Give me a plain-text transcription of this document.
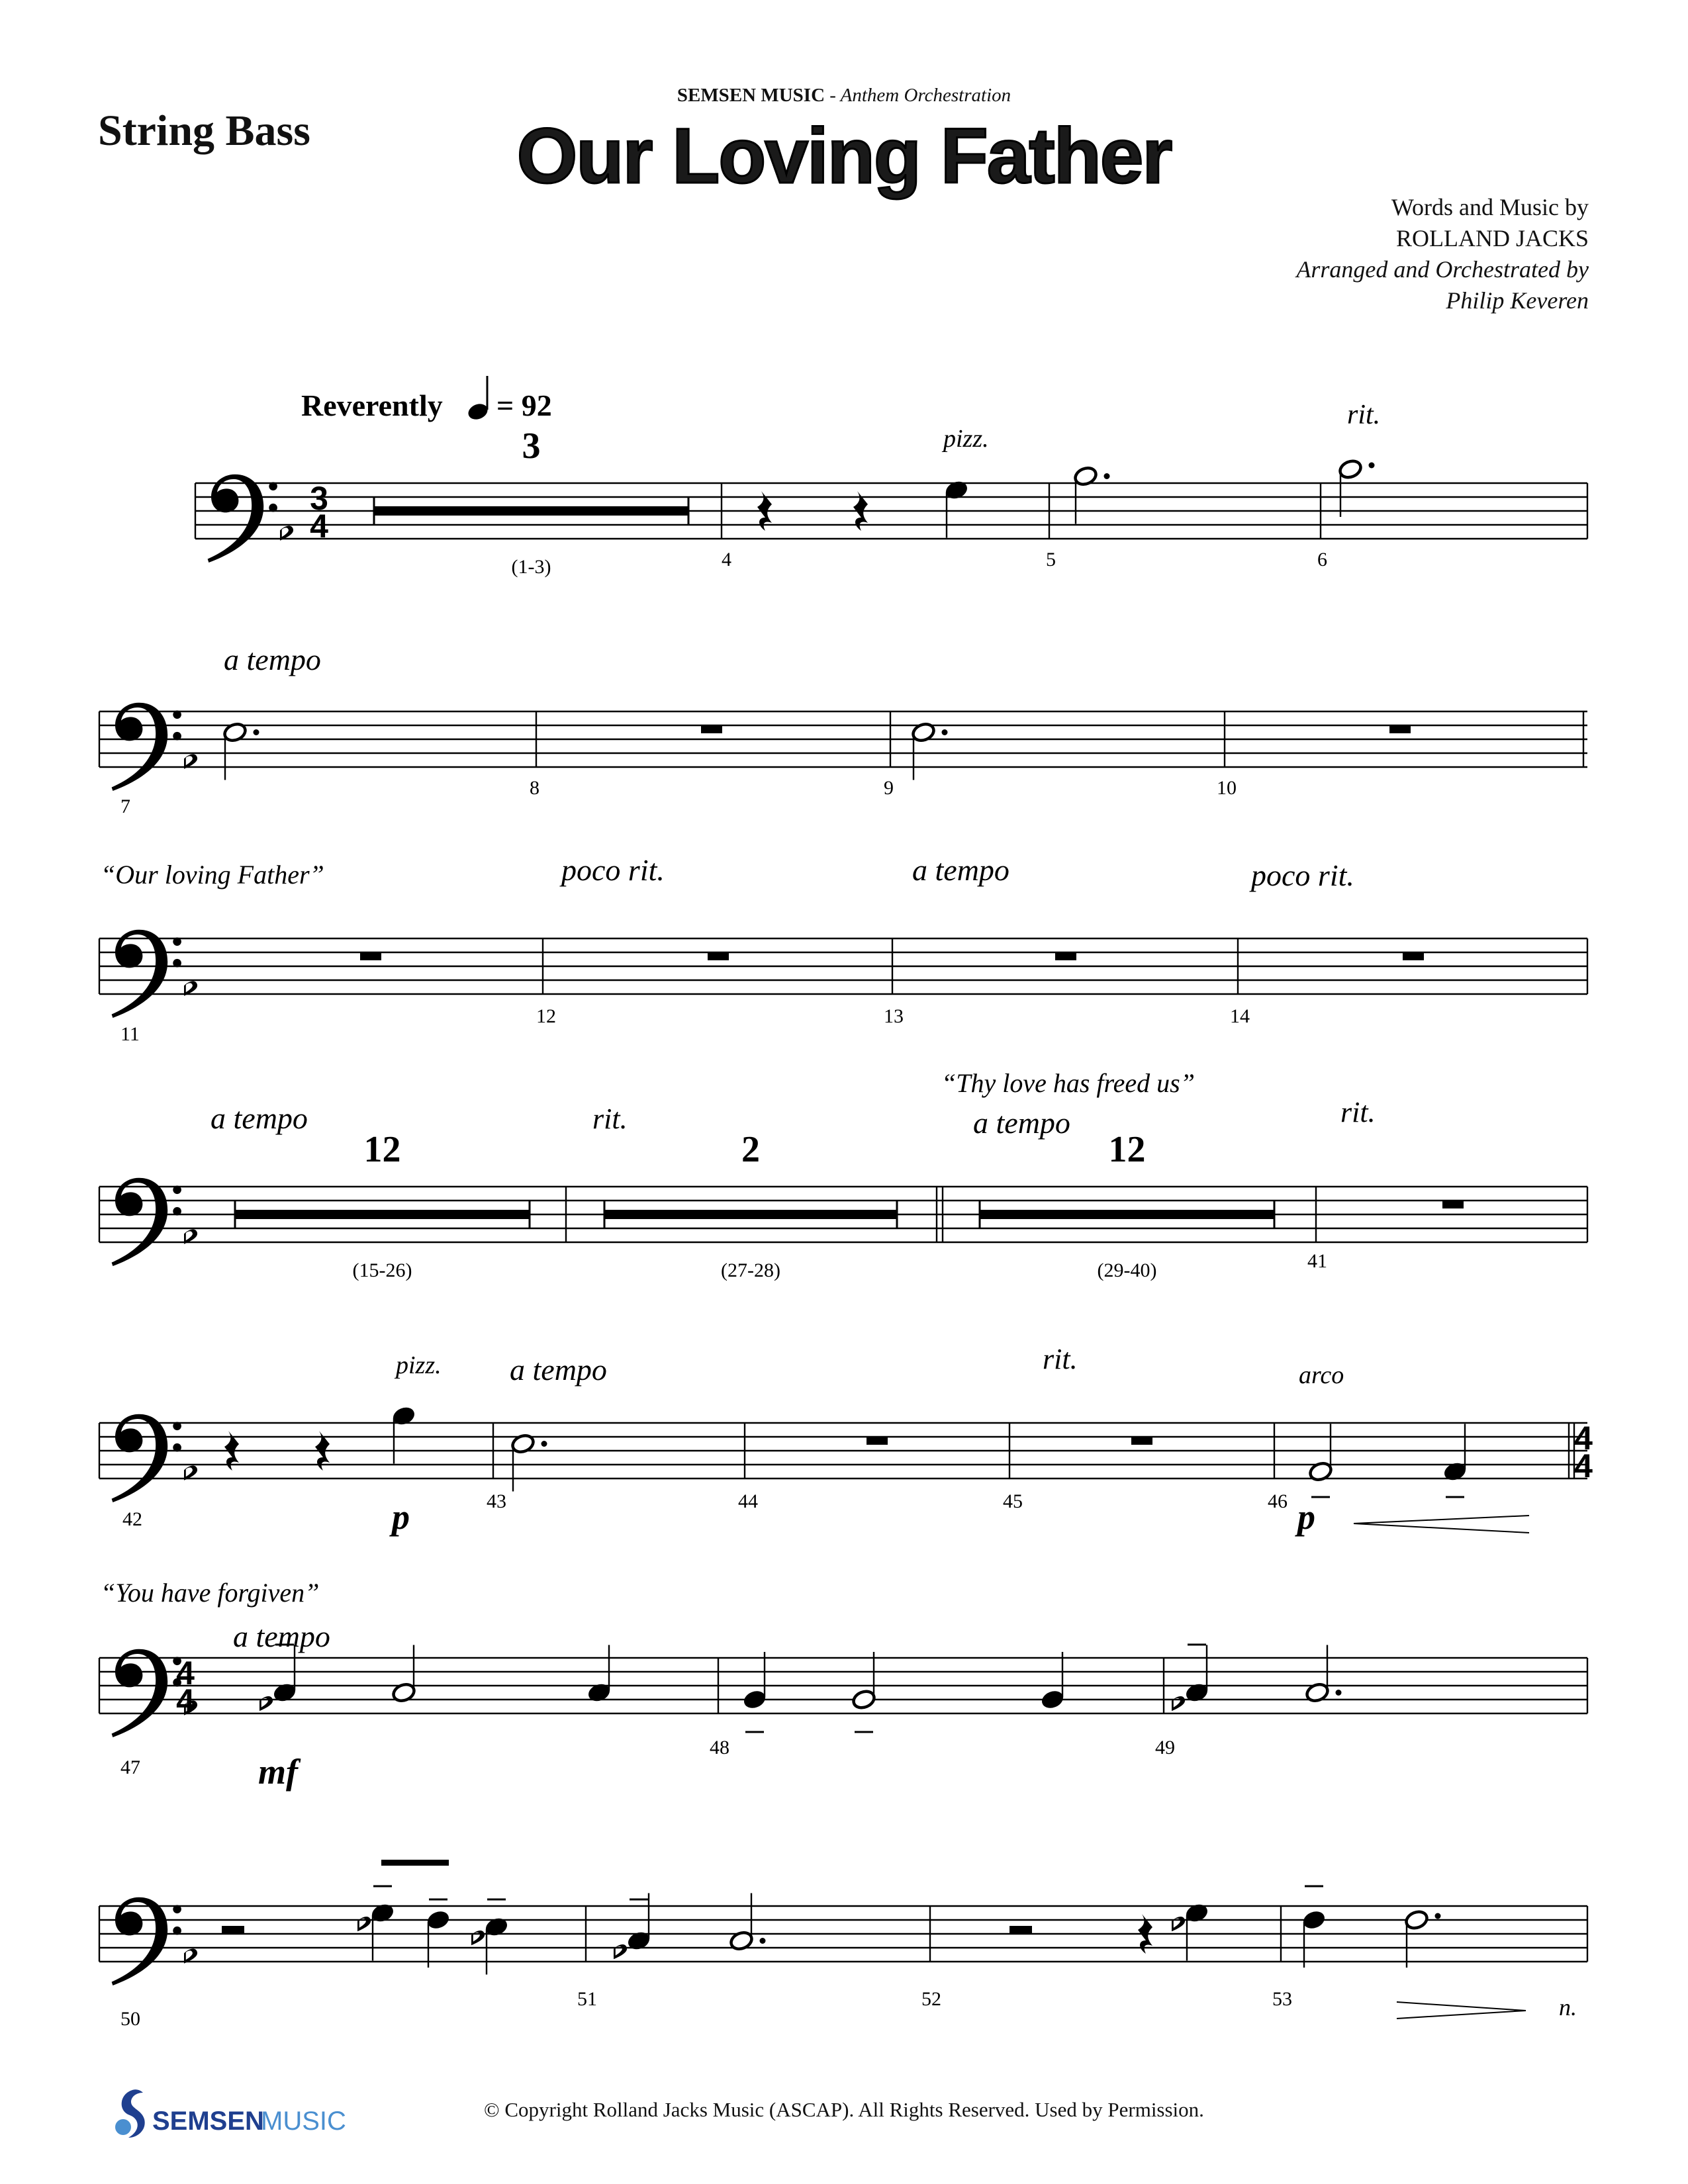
String Bass
SEMSEN MUSIC - Anthem Orchestration
Our Loving Father
Words and Music by
ROLLAND JACKS
Arranged and Orchestrated by
Philip Keveren
3
4
Reverently = 92
3
(1-3)
pizz.
rit.
4	5	6
a tempo
7
8	9	10
“Our loving Father”	poco rit.	a tempo	poco rit.
11
12	13	14
“Thy love has freed us”
a tempo	rit.	a tempo	rit.
12
(15-26)
2
(27-28)
12
(29-40)	41
4
4
pizz.
p
a tempo	rit.	arco
p
42
43	44	45	46
4
4
“You have forgiven”
a tempo
mf
47
48	49
n.
50
51	52	53
SEMSEN
MUSIC	© Copyright Rolland Jacks Music (ASCAP). All Rights Reserved. Used by Permission.
